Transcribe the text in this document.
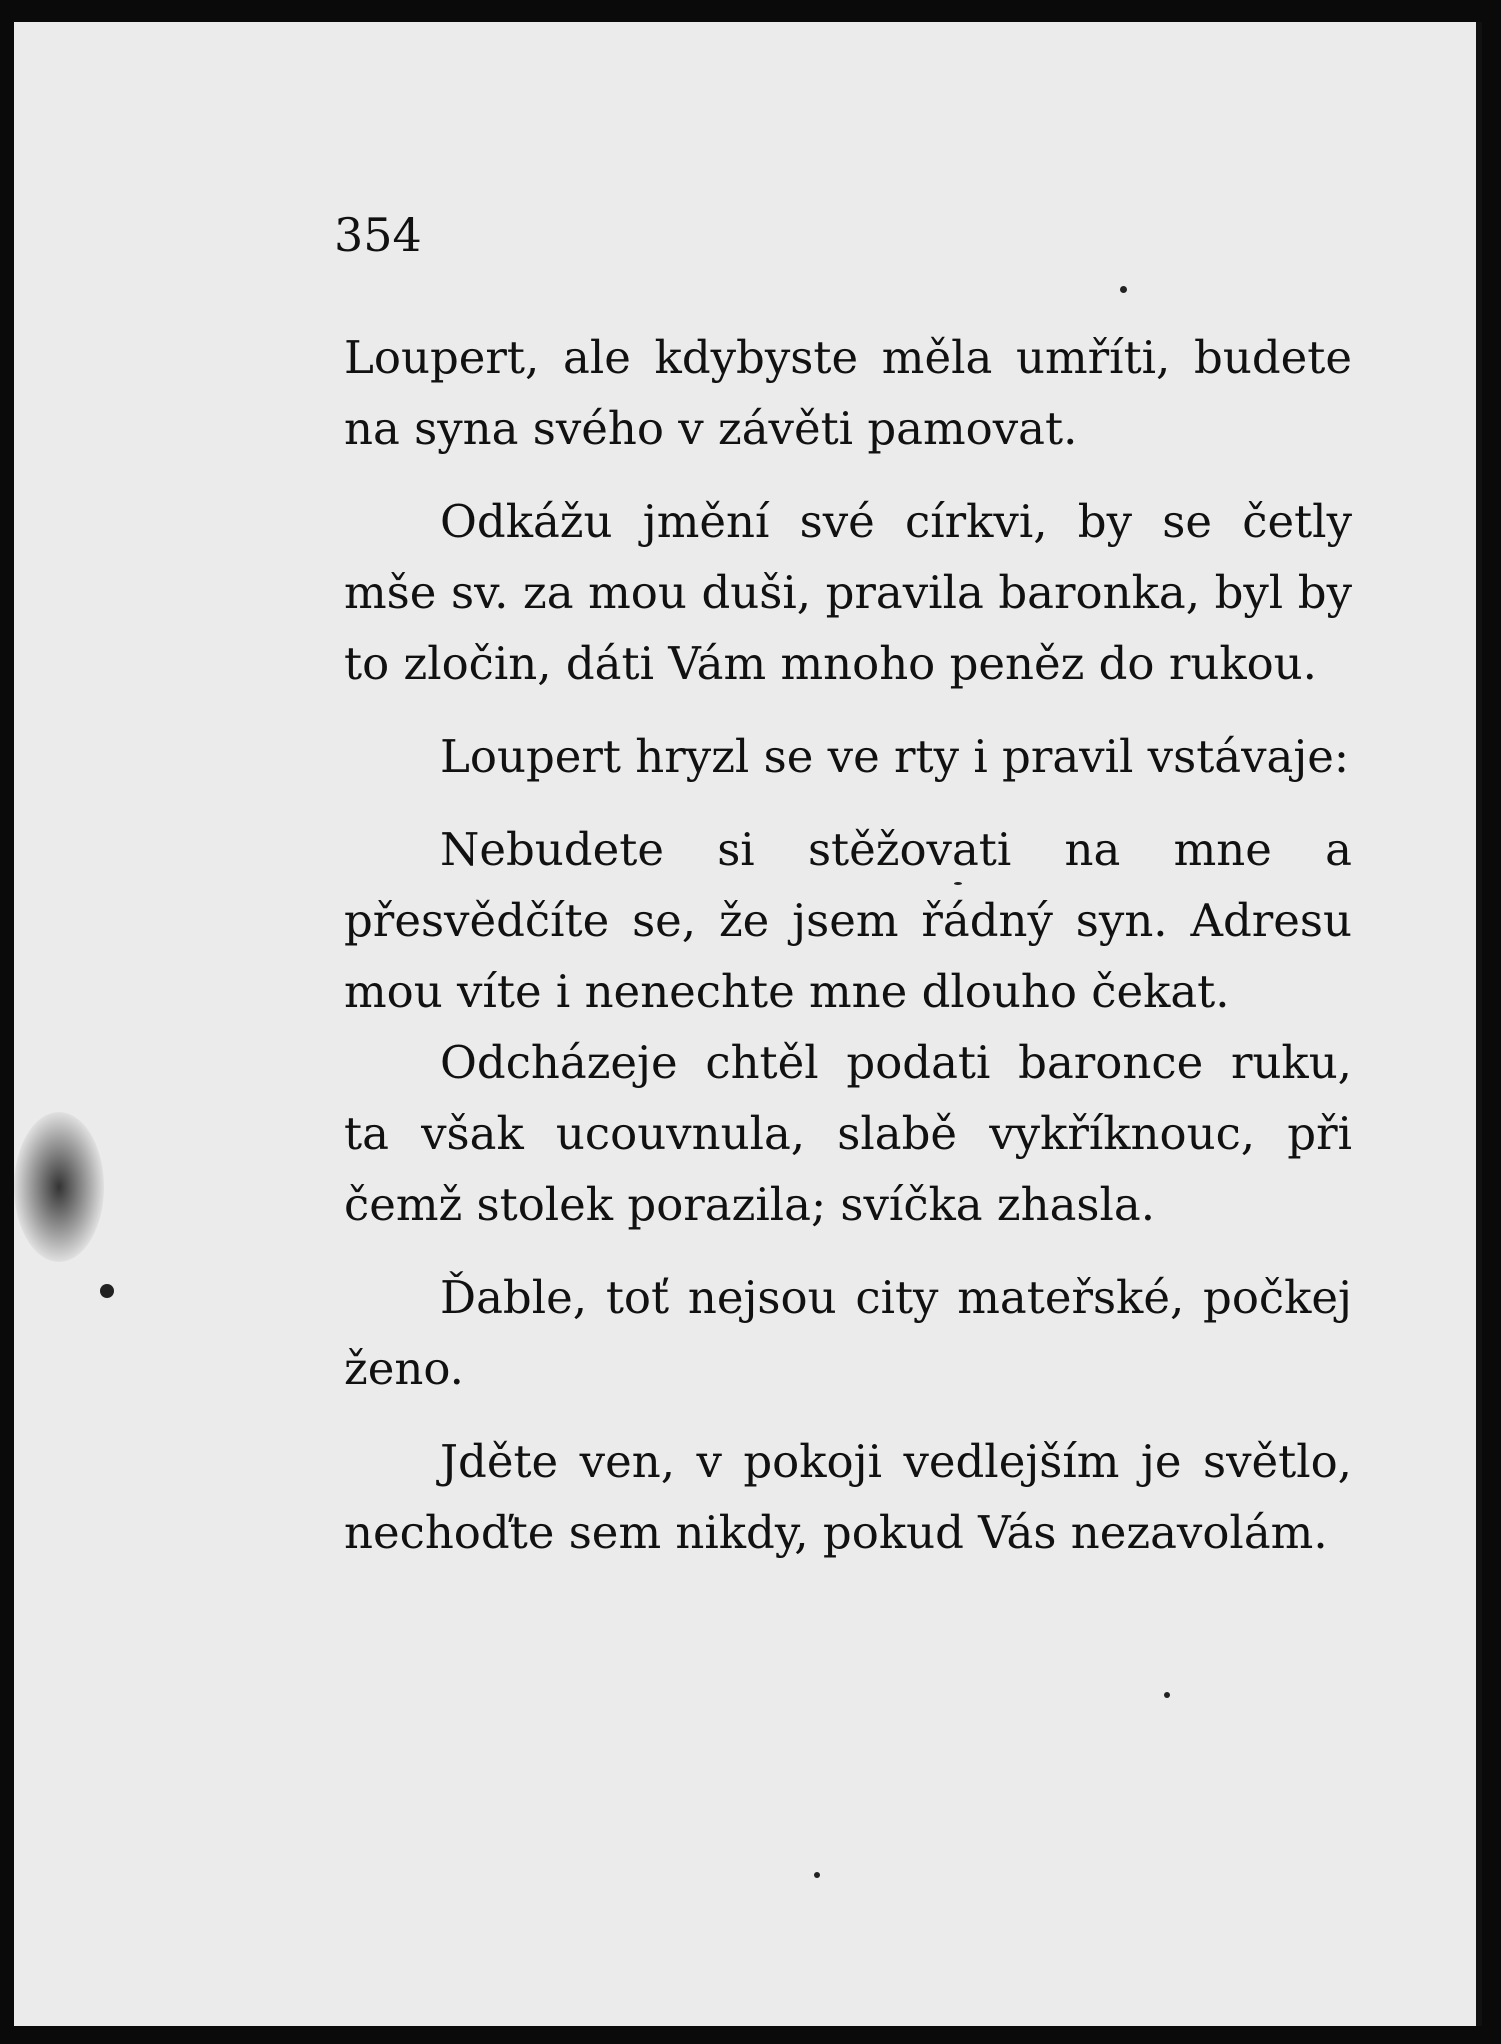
354

Loupert, ale kdybyste měla umříti, budete na syna svého v závěti pamovat.

Odkážu jmění své církvi, by se četly mše sv. za mou duši, pravila baronka, byl by to zločin, dáti Vám mnoho peněz do rukou.

Loupert hryzl se ve rty i pravil vstávaje:

Nebudete si stěžovati na mne a přesvědčíte se, že jsem řádný syn. Adresu mou víte i nenechte mne dlouho čekat.

Odcházeje chtěl podati baronce ruku, ta však ucouvnula, slabě vykříknouc, při čemž stolek porazila; svíčka zhasla.

Ďable, toť nejsou city mateřské, počkej ženo.

Jděte ven, v pokoji vedlejším je světlo, nechoďte sem nikdy, pokud Vás nezavolám.
